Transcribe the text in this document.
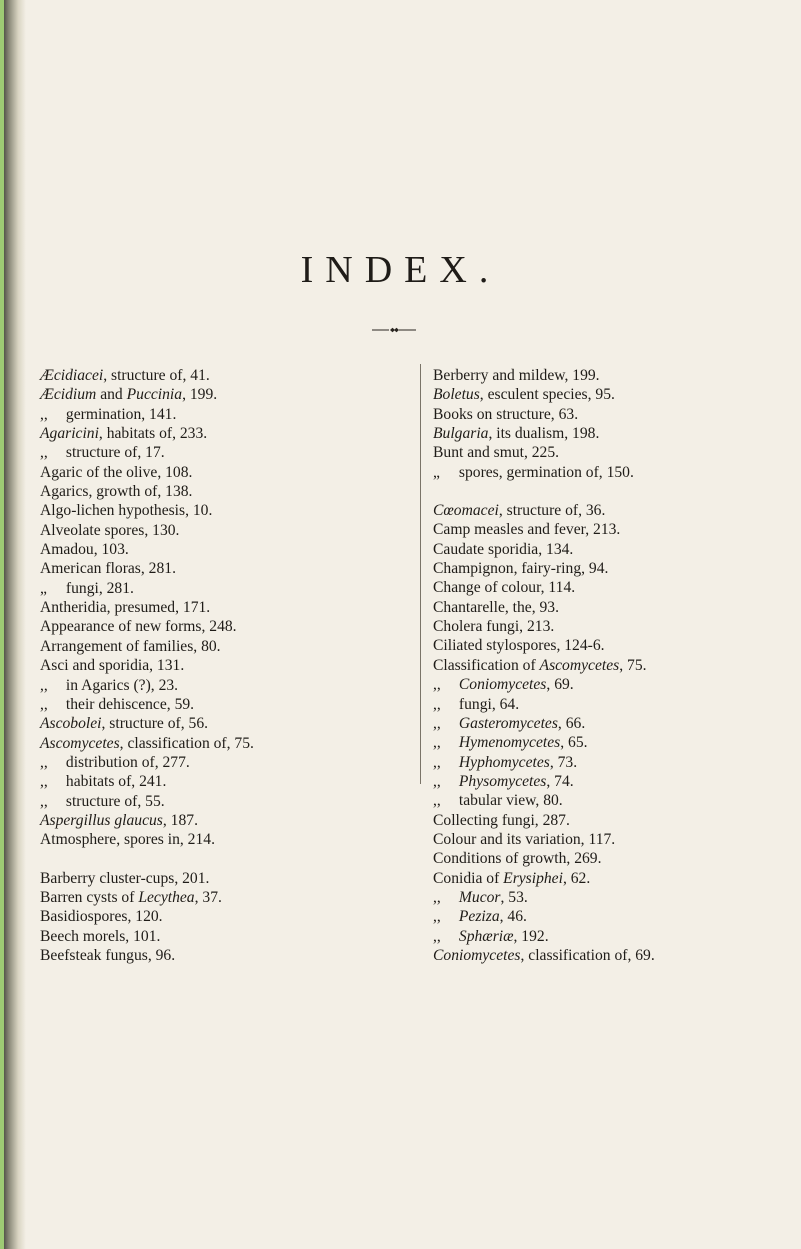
INDEX.
Æcidiacei, structure of, 41.
Æcidium and Puccinia, 199.
,, germination, 141.
Agaricini, habitats of, 233.
,, structure of, 17.
Agaric of the olive, 108.
Agarics, growth of, 138.
Algo-lichen hypothesis, 10.
Alveolate spores, 130.
Amadou, 103.
American floras, 281.
„ fungi, 281.
Antheridia, presumed, 171.
Appearance of new forms, 248.
Arrangement of families, 80.
Asci and sporidia, 131.
,, in Agarics (?), 23.
,, their dehiscence, 59.
Ascobolei, structure of, 56.
Ascomycetes, classification of, 75.
,, distribution of, 277.
,, habitats of, 241.
,, structure of, 55.
Aspergillus glaucus, 187.
Atmosphere, spores in, 214.
Barberry cluster-cups, 201.
Barren cysts of Lecythea, 37.
Basidiospores, 120.
Beech morels, 101.
Beefsteak fungus, 96.
Berberry and mildew, 199.
Boletus, esculent species, 95.
Books on structure, 63.
Bulgaria, its dualism, 198.
Bunt and smut, 225.
„ spores, germination of, 150.
Cœomacei, structure of, 36.
Camp measles and fever, 213.
Caudate sporidia, 134.
Champignon, fairy-ring, 94.
Change of colour, 114.
Chantarelle, the, 93.
Cholera fungi, 213.
Ciliated stylospores, 124-6.
Classification of Ascomycetes, 75.
,, Coniomycetes, 69.
,, fungi, 64.
,, Gasteromycetes, 66.
,, Hymenomycetes, 65.
,, Hyphomycetes, 73.
,, Physomycetes, 74.
,, tabular view, 80.
Collecting fungi, 287.
Colour and its variation, 117.
Conditions of growth, 269.
Conidia of Erysiphei, 62.
,, Mucor, 53.
,, Peziza, 46.
,, Sphæriæ, 192.
Coniomycetes, classification of, 69.
